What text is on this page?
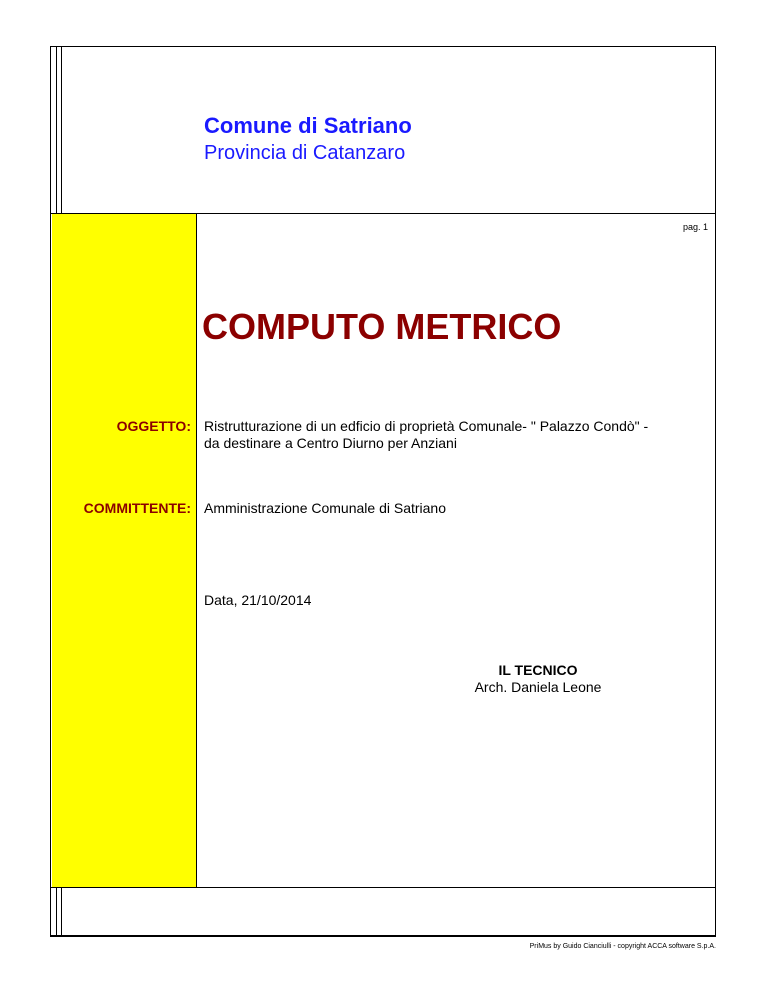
Comune di Satriano
Provincia di Catanzaro
pag. 1
COMPUTO METRICO
OGGETTO: Ristrutturazione di un edficio di proprietà Comunale- " Palazzo Condò" -
da destinare a Centro Diurno per Anziani
COMMITTENTE: Amministrazione Comunale di Satriano
Data, 21/10/2014
IL TECNICO
Arch. Daniela Leone
PriMus by Guido Cianciulli - copyright ACCA software S.p.A.
